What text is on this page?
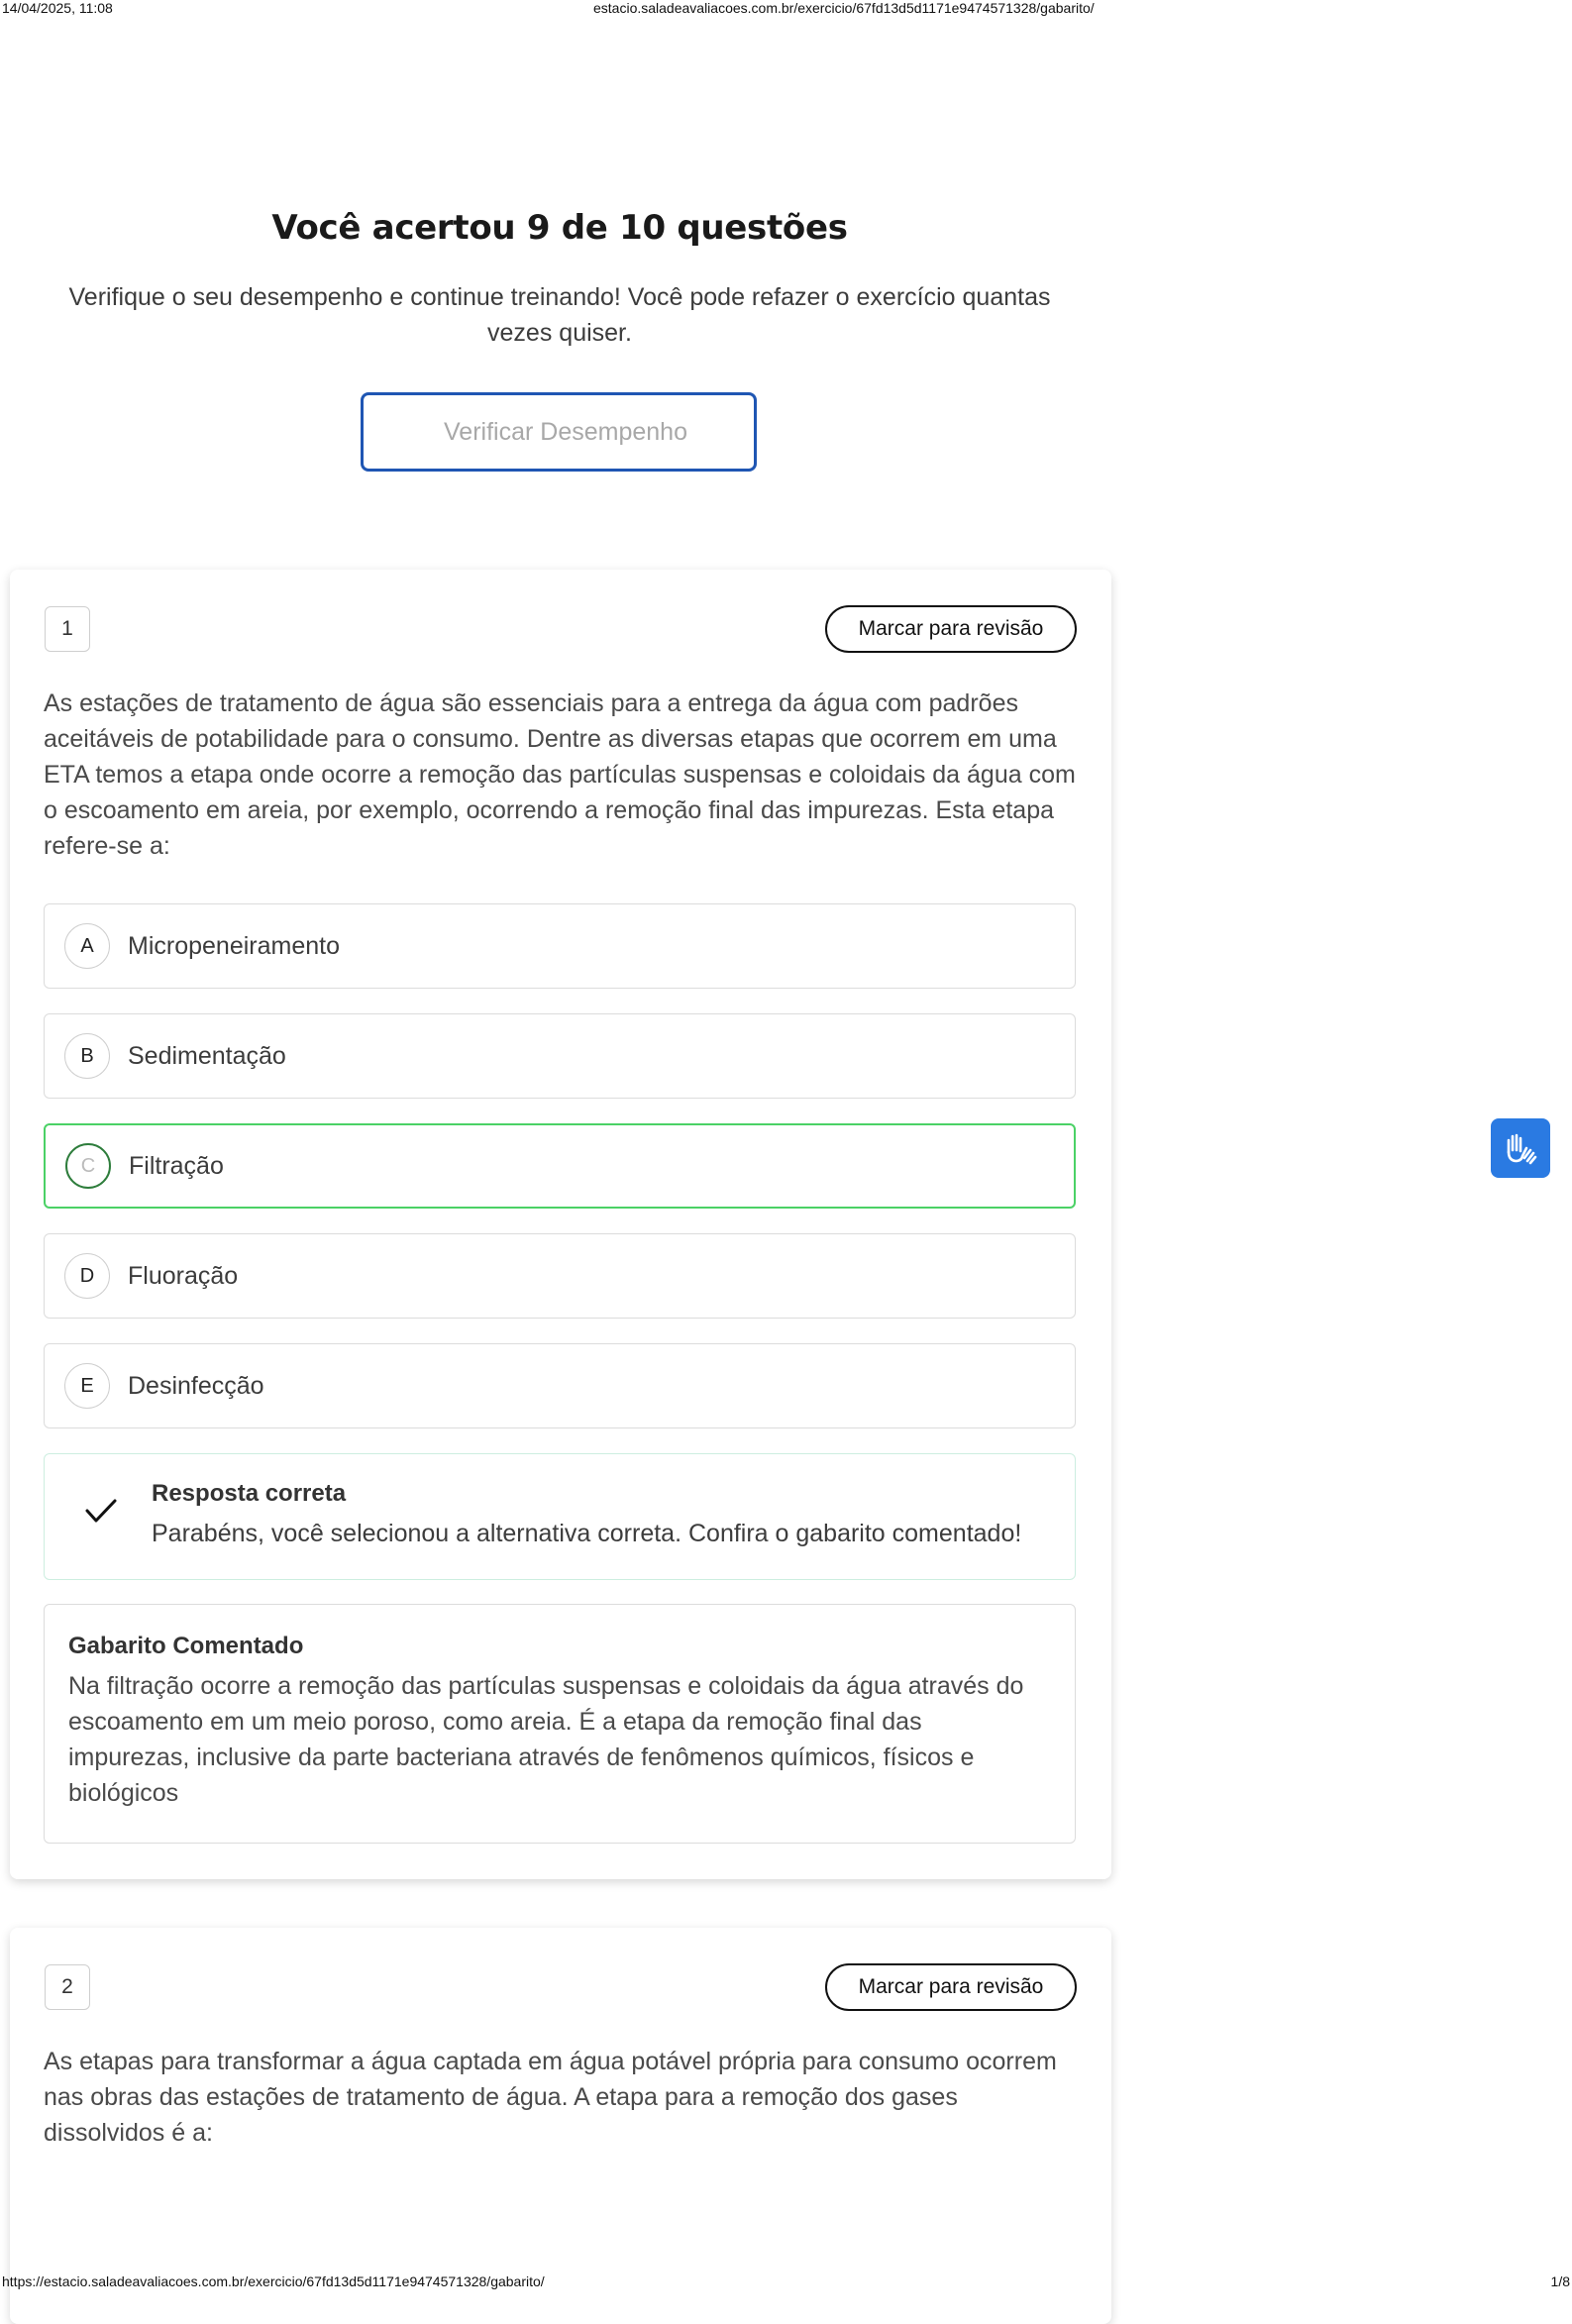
14/04/2025, 11:08	estacio.saladeavaliacoes.com.br/exercicio/67fd13d5d1171e9474571328/gabarito/
Você acertou 9 de 10 questões

Verifique o seu desempenho e continue treinando! Você pode refazer o exercício quantas vezes quiser.

Verificar Desempenho
1	Marcar para revisão

As estações de tratamento de água são essenciais para a entrega da água com padrões aceitáveis de potabilidade para o consumo. Dentre as diversas etapas que ocorrem em uma ETA temos a etapa onde ocorre a remoção das partículas suspensas e coloidais da água com o escoamento em areia, por exemplo, ocorrendo a remoção final das impurezas. Esta etapa refere-se a:

A	Micropeneiramento
B	Sedimentação
C	Filtração
D	Fluoração
E	Desinfecção
Resposta correta
Parabéns, você selecionou a alternativa correta. Confira o gabarito comentado!
Gabarito Comentado

Na filtração ocorre a remoção das partículas suspensas e coloidais da água através do escoamento em um meio poroso, como areia. É a etapa da remoção final das impurezas, inclusive da parte bacteriana através de fenômenos químicos, físicos e biológicos

2	Marcar para revisão

As etapas para transformar a água captada em água potável própria para consumo ocorrem nas obras das estações de tratamento de água. A etapa para a remoção dos gases dissolvidos é a:

https://estacio.saladeavaliacoes.com.br/exercicio/67fd13d5d1171e9474571328/gabarito/	1/8
